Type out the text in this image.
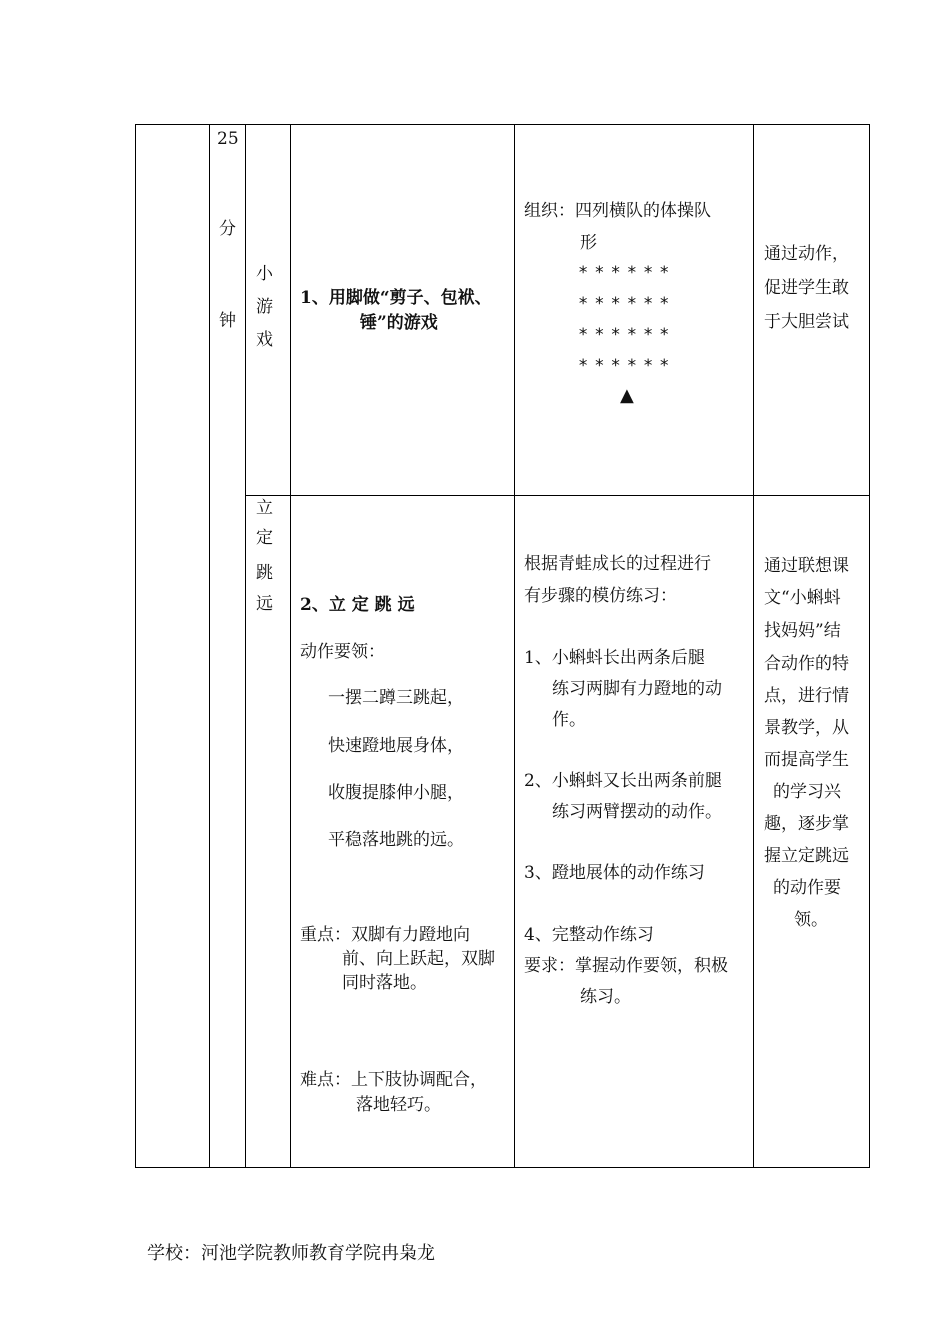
25
分
钟
小
游
戏
1、用脚做“剪子、包袱、
锤”的游戏
组织：四列横队的体操队
形
******
******
******
******
▲
通过动作，
促进学生敢
于大胆尝试
立
定
跳
远 2、立 定 跳 远
动作要领：
一摆二蹲三跳起，
快速蹬地展身体，
收腹提膝伸小腿，
平稳落地跳的远。
重点：双脚有力蹬地向
前、向上跃起，双脚
同时落地。
难点：上下肢协调配合，
落地轻巧。
根据青蛙成长的过程进行
有步骤的模仿练习：
1、小蝌蚪长出两条后腿
练习两脚有力蹬地的动
作。
2、小蝌蚪又长出两条前腿
练习两臂摆动的动作。
3、蹬地展体的动作练习
4、完整动作练习
要求：掌握动作要领，积极
练习。
通过联想课
文“小蝌蚪
找妈妈”结
合动作的特
点，进行情
景教学，从
而提高学生
的学习兴
趣，逐步掌
握立定跳远
的动作要
领。
学校：河池学院教师教育学院冉枭龙
